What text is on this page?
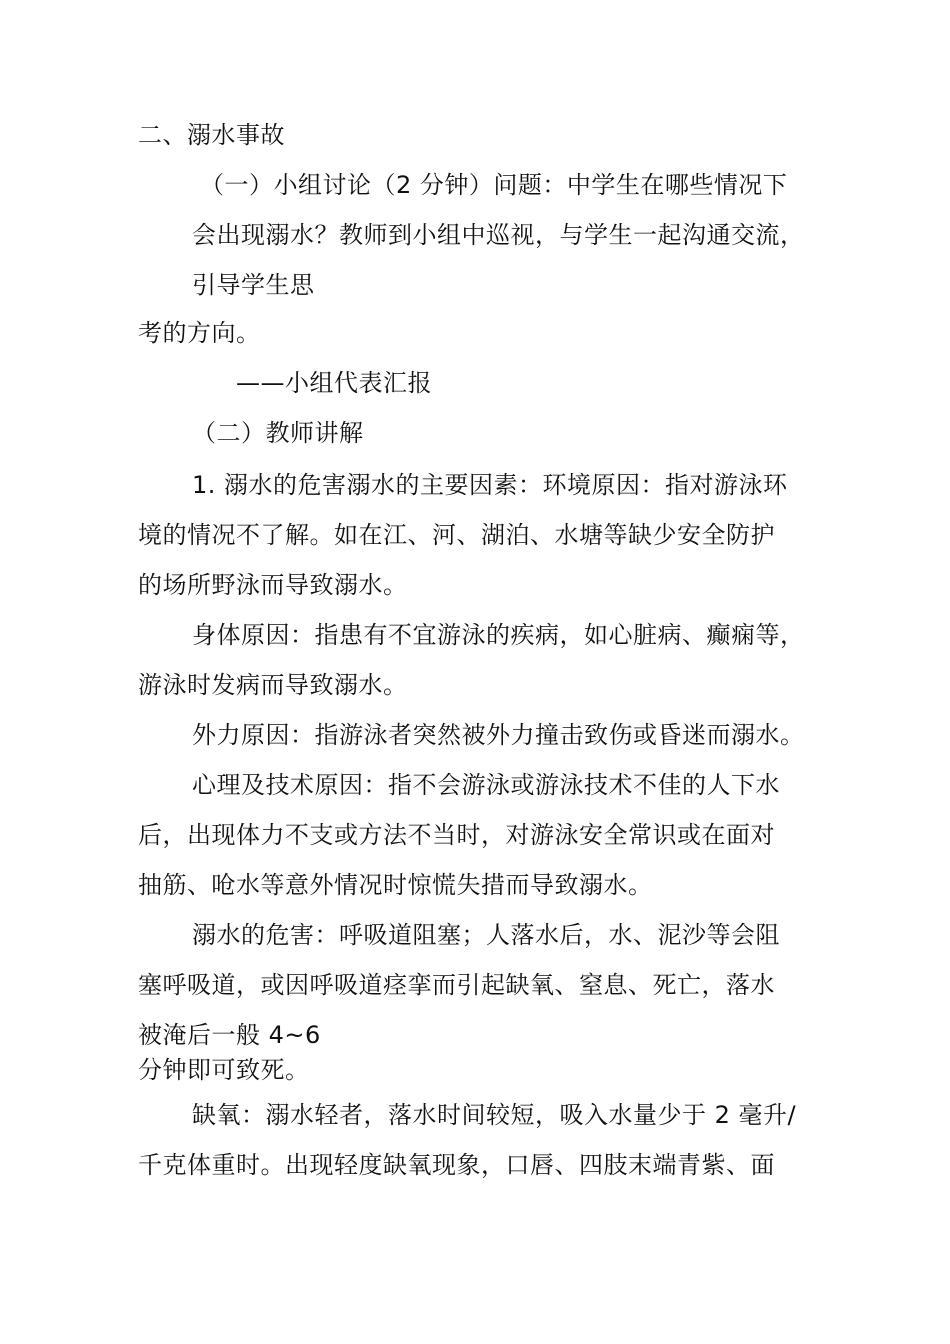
二、溺水事故
（一）小组讨论（2 分钟）问题：中学生在哪些情况下
会出现溺水？教师到小组中巡视，与学生一起沟通交流，
引导学生思
考的方向。
——小组代表汇报
（二）教师讲解
1. 溺水的危害溺水的主要因素：环境原因：指对游泳环
境的情况不了解。如在江、河、湖泊、水塘等缺少安全防护
的场所野泳而导致溺水。
身体原因：指患有不宜游泳的疾病，如心脏病、癫痫等，
游泳时发病而导致溺水。
外力原因：指游泳者突然被外力撞击致伤或昏迷而溺水。
心理及技术原因：指不会游泳或游泳技术不佳的人下水
后，出现体力不支或方法不当时，对游泳安全常识或在面对
抽筋、呛水等意外情况时惊慌失措而导致溺水。
溺水的危害：呼吸道阻塞；人落水后，水、泥沙等会阻
塞呼吸道，或因呼吸道痉挛而引起缺氧、窒息、死亡，落水
被淹后一般 4~6
分钟即可致死。
缺氧：溺水轻者，落水时间较短，吸入水量少于 2 毫升/
千克体重时。出现轻度缺氧现象，口唇、四肢末端青紫、面
